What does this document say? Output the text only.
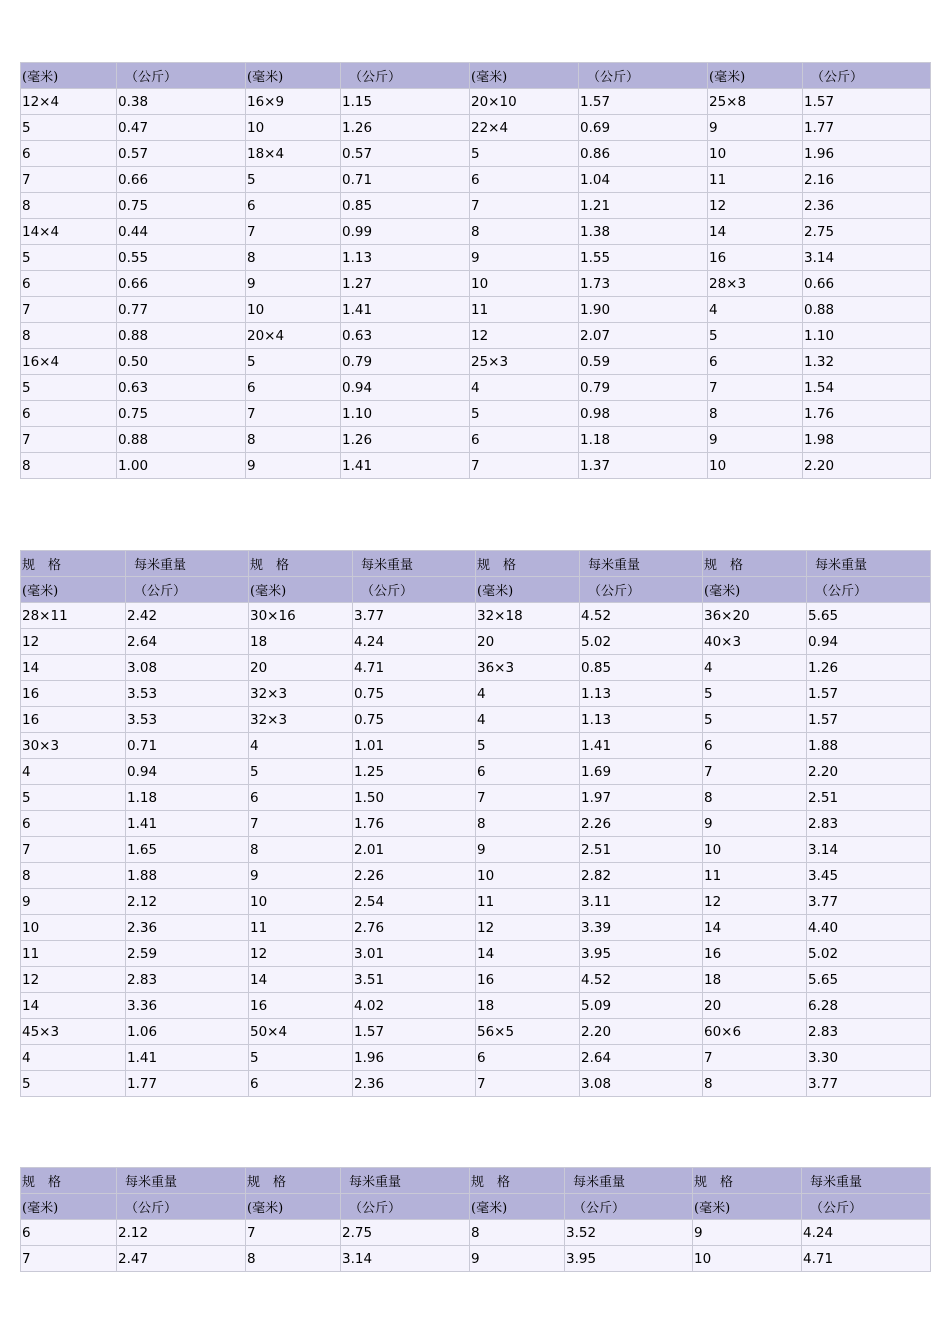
(毫米)	（公斤）	(毫米)	（公斤）	(毫米)	（公斤）	(毫米)	（公斤）
12×4	0.38	16×9	1.15	20×10	1.57	25×8	1.57
5	0.47	10	1.26	22×4	0.69	9	1.77
6	0.57	18×4	0.57	5	0.86	10	1.96
7	0.66	5	0.71	6	1.04	11	2.16
8	0.75	6	0.85	7	1.21	12	2.36
14×4	0.44	7	0.99	8	1.38	14	2.75
5	0.55	8	1.13	9	1.55	16	3.14
6	0.66	9	1.27	10	1.73	28×3	0.66
7	0.77	10	1.41	11	1.90	4	0.88
8	0.88	20×4	0.63	12	2.07	5	1.10
16×4	0.50	5	0.79	25×3	0.59	6	1.32
5	0.63	6	0.94	4	0.79	7	1.54
6	0.75	7	1.10	5	0.98	8	1.76
7	0.88	8	1.26	6	1.18	9	1.98
8	1.00	9	1.41	7	1.37	10	2.20
规　格	每米重量	规　格	每米重量	规　格	每米重量	规　格	每米重量
(毫米)	（公斤）	(毫米)	（公斤）	(毫米)	（公斤）	(毫米)	（公斤）
28×11	2.42	30×16	3.77	32×18	4.52	36×20	5.65
12	2.64	18	4.24	20	5.02	40×3	0.94
14	3.08	20	4.71	36×3	0.85	4	1.26
16	3.53	32×3	0.75	4	1.13	5	1.57
16	3.53	32×3	0.75	4	1.13	5	1.57
30×3	0.71	4	1.01	5	1.41	6	1.88
4	0.94	5	1.25	6	1.69	7	2.20
5	1.18	6	1.50	7	1.97	8	2.51
6	1.41	7	1.76	8	2.26	9	2.83
7	1.65	8	2.01	9	2.51	10	3.14
8	1.88	9	2.26	10	2.82	11	3.45
9	2.12	10	2.54	11	3.11	12	3.77
10	2.36	11	2.76	12	3.39	14	4.40
11	2.59	12	3.01	14	3.95	16	5.02
12	2.83	14	3.51	16	4.52	18	5.65
14	3.36	16	4.02	18	5.09	20	6.28
45×3	1.06	50×4	1.57	56×5	2.20	60×6	2.83
4	1.41	5	1.96	6	2.64	7	3.30
5	1.77	6	2.36	7	3.08	8	3.77
规　格	每米重量	规　格	每米重量	规　格	每米重量	规　格	每米重量
(毫米)	（公斤）	(毫米)	（公斤）	(毫米)	（公斤）	(毫米)	（公斤）
6	2.12	7	2.75	8	3.52	9	4.24
7	2.47	8	3.14	9	3.95	10	4.71
